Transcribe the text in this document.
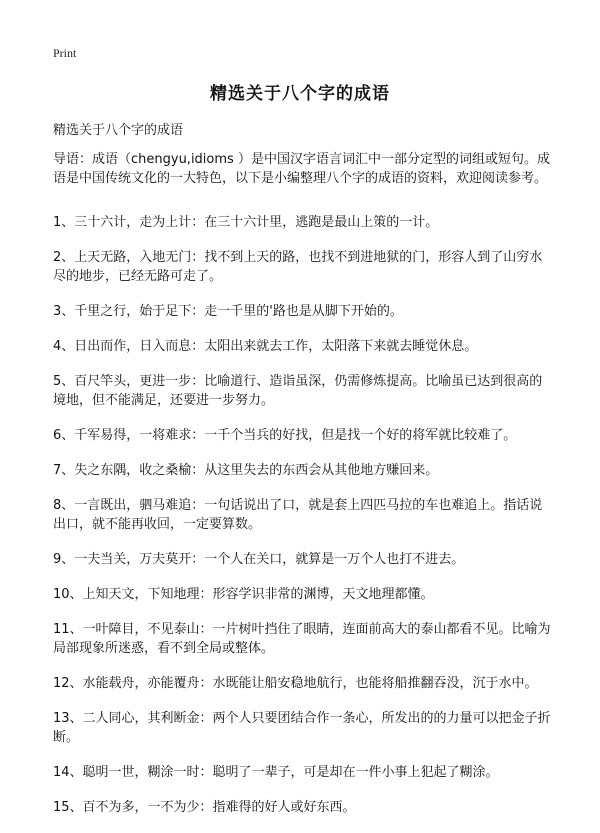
Print
精选关于八个字的成语
精选关于八个字的成语
导语：成语（chengyu,idioms ）是中国汉字语言词汇中一部分定型的词组或短句。成语是中国传统文化的一大特色，以下是小编整理八个字的成语的资料，欢迎阅读参考。
1、三十六计，走为上计：在三十六计里，逃跑是最山上策的一计。
2、上天无路，入地无门：找不到上天的路，也找不到进地狱的门，形容人到了山穷水尽的地步，已经无路可走了。
3、千里之行，始于足下：走一千里的'路也是从脚下开始的。
4、日出而作，日入而息：太阳出来就去工作，太阳落下来就去睡觉休息。
5、百尺竿头，更进一步：比喻道行、造诣虽深，仍需修炼提高。比喻虽已达到很高的境地，但不能满足，还要进一步努力。
6、千军易得，一将难求：一千个当兵的好找，但是找一个好的将军就比较难了。
7、失之东隅，收之桑榆：从这里失去的东西会从其他地方赚回来。
8、一言既出，驷马难追：一句话说出了口，就是套上四匹马拉的车也难追上。指话说出口，就不能再收回，一定要算数。
9、一夫当关，万夫莫开：一个人在关口，就算是一万个人也打不进去。
10、上知天文，下知地理：形容学识非常的渊博，天文地理都懂。
11、一叶障目，不见泰山：一片树叶挡住了眼睛，连面前高大的泰山都看不见。比喻为局部现象所迷惑，看不到全局或整体。
12、水能载舟，亦能覆舟：水既能让船安稳地航行，也能将船推翻吞没，沉于水中。
13、二人同心，其利断金：两个人只要团结合作一条心，所发出的的力量可以把金子折断。
14、聪明一世，糊涂一时：聪明了一辈子，可是却在一件小事上犯起了糊涂。
15、百不为多，一不为少：指难得的好人或好东西。
